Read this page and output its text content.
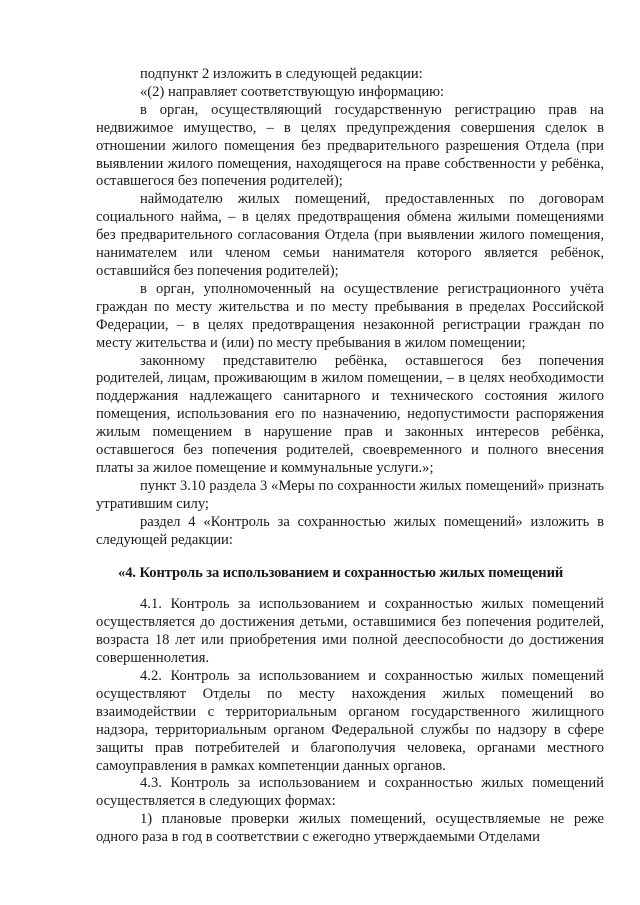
подпункт 2 изложить в следующей редакции:

«(2) направляет соответствующую информацию:

в орган, осуществляющий государственную регистрацию прав на недвижимое имущество, – в целях предупреждения совершения сделок в отношении жилого помещения без предварительного разрешения Отдела (при выявлении жилого помещения, находящегося на праве собственности у ребёнка, оставшегося без попечения родителей);

наймодателю жилых помещений, предоставленных по договорам социального найма, – в целях предотвращения обмена жилыми помещениями без предварительного согласования Отдела (при выявлении жилого помещения, нанимателем или членом семьи нанимателя которого является ребёнок, оставшийся без попечения родителей);

в орган, уполномоченный на осуществление регистрационного учёта граждан по месту жительства и по месту пребывания в пределах Российской Федерации, – в целях предотвращения незаконной регистрации граждан по месту жительства и (или) по месту пребывания в жилом помещении;

законному представителю ребёнка, оставшегося без попечения родителей, лицам, проживающим в жилом помещении, – в целях необходимости поддержания надлежащего санитарного и технического состояния жилого помещения, использования его по назначению, недопустимости распоряжения жилым помещением в нарушение прав и законных интересов ребёнка, оставшегося без попечения родителей, своевременного и полного внесения платы за жилое помещение и коммунальные услуги.»;

пункт 3.10 раздела 3 «Меры по сохранности жилых помещений» признать утратившим силу;

раздел 4 «Контроль за сохранностью жилых помещений» изложить в следующей редакции:

«4. Контроль за использованием и сохранностью жилых помещений

4.1. Контроль за использованием и сохранностью жилых помещений осуществляется до достижения детьми, оставшимися без попечения родителей, возраста 18 лет или приобретения ими полной дееспособности до достижения совершеннолетия.

4.2. Контроль за использованием и сохранностью жилых помещений осуществляют Отделы по месту нахождения жилых помещений во взаимодействии с территориальным органом государственного жилищного надзора, территориальным органом Федеральной службы по надзору в сфере защиты прав потребителей и благополучия человека, органами местного самоуправления в рамках компетенции данных органов.

4.3. Контроль за использованием и сохранностью жилых помещений осуществляется в следующих формах:

1) плановые проверки жилых помещений, осуществляемые не реже одного раза в год в соответствии с ежегодно утверждаемыми Отделами
